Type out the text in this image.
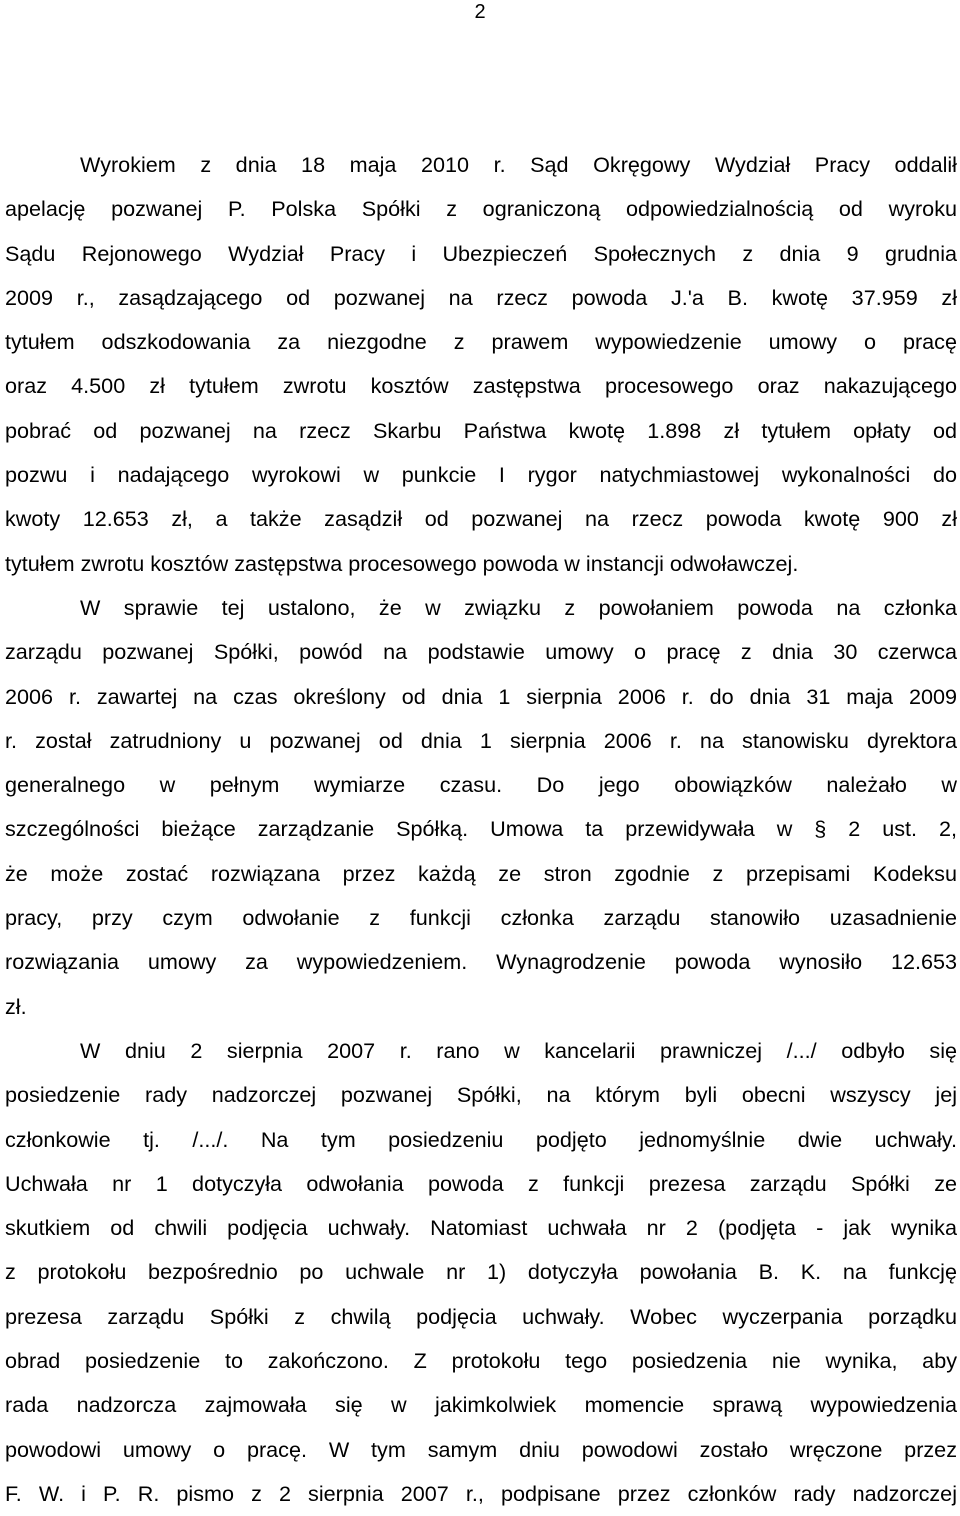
2
Wyrokiem z dnia 18 maja 2010 r. Sąd Okręgowy Wydział Pracy oddalił
apelację pozwanej P. Polska Spółki z ograniczoną odpowiedzialnością od wyroku
Sądu Rejonowego Wydział Pracy i Ubezpieczeń Społecznych z dnia 9 grudnia
2009 r., zasądzającego od pozwanej na rzecz powoda J.'a B. kwotę 37.959 zł
tytułem odszkodowania za niezgodne z prawem wypowiedzenie umowy o pracę
oraz 4.500 zł tytułem zwrotu kosztów zastępstwa procesowego oraz nakazującego
pobrać od pozwanej na rzecz Skarbu Państwa kwotę 1.898 zł tytułem opłaty od
pozwu i nadającego wyrokowi w punkcie I rygor natychmiastowej wykonalności do
kwoty 12.653 zł, a także zasądził od pozwanej na rzecz powoda kwotę 900 zł
tytułem zwrotu kosztów zastępstwa procesowego powoda w instancji odwoławczej.
W sprawie tej ustalono, że w związku z powołaniem powoda na członka
zarządu pozwanej Spółki, powód na podstawie umowy o pracę z dnia 30 czerwca
2006 r. zawartej na czas określony od dnia 1 sierpnia 2006 r. do dnia 31 maja 2009
r. został zatrudniony u pozwanej od dnia 1 sierpnia 2006 r. na stanowisku dyrektora
generalnego w pełnym wymiarze czasu. Do jego obowiązków należało w
szczególności bieżące zarządzanie Spółką. Umowa ta przewidywała w § 2 ust. 2,
że może zostać rozwiązana przez każdą ze stron zgodnie z przepisami Kodeksu
pracy, przy czym odwołanie z funkcji członka zarządu stanowiło uzasadnienie
rozwiązania umowy za wypowiedzeniem. Wynagrodzenie powoda wynosiło 12.653
zł.
W dniu 2 sierpnia 2007 r. rano w kancelarii prawniczej /.../ odbyło się
posiedzenie rady nadzorczej pozwanej Spółki, na którym byli obecni wszyscy jej
członkowie tj. /.../. Na tym posiedzeniu podjęto jednomyślnie dwie uchwały.
Uchwała nr 1 dotyczyła odwołania powoda z funkcji prezesa zarządu Spółki ze
skutkiem od chwili podjęcia uchwały. Natomiast uchwała nr 2 (podjęta - jak wynika
z protokołu bezpośrednio po uchwale nr 1) dotyczyła powołania B. K. na funkcję
prezesa zarządu Spółki z chwilą podjęcia uchwały. Wobec wyczerpania porządku
obrad posiedzenie to zakończono. Z protokołu tego posiedzenia nie wynika, aby
rada nadzorcza zajmowała się w jakimkolwiek momencie sprawą wypowiedzenia
powodowi umowy o pracę. W tym samym dniu powodowi zostało wręczone przez
F. W. i P. R. pismo z 2 sierpnia 2007 r., podpisane przez członków rady nadzorczej
